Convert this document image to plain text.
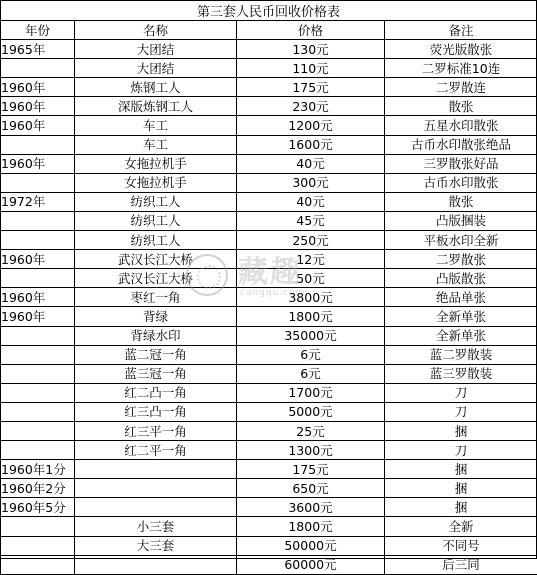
第三套人民币回收价格表
年份	名称	价格	备注
1965年	大团结	130元	荧光版散张
	大团结	110元	二罗标准10连
1960年	炼钢工人	175元	二罗散连
1960年	深版炼钢工人	230元	散张
1960年	车工	1200元	五星水印散张
	车工	1600元	古币水印散张绝品
1960年	女拖拉机手	40元	三罗散张好品
	女拖拉机手	300元	古币水印散张
1972年	纺织工人	40元	散张
	纺织工人	45元	凸版捆装
	纺织工人	250元	平板水印全新
1960年	武汉长江大桥	12元	二罗散张
	武汉长江大桥	50元	凸版散张
1960年	枣红一角	3800元	绝品单张
1960年	背绿	1800元	全新单张
	背绿水印	35000元	全新单张
	蓝二冠一角	6元	蓝二罗散装
	蓝三冠一角	6元	蓝三罗散装
	红二凸一角	1700元	刀
	红三凸一角	5000元	刀
	红三平一角	25元	捆
	红二平一角	1300元	刀
1960年1分		175元	捆
1960年2分		650元	捆
1960年5分		3600元	捆
	小三套	1800元	全新
	大三套	50000元	不同号
		60000元	后三同
藏趣
cangqu.com
